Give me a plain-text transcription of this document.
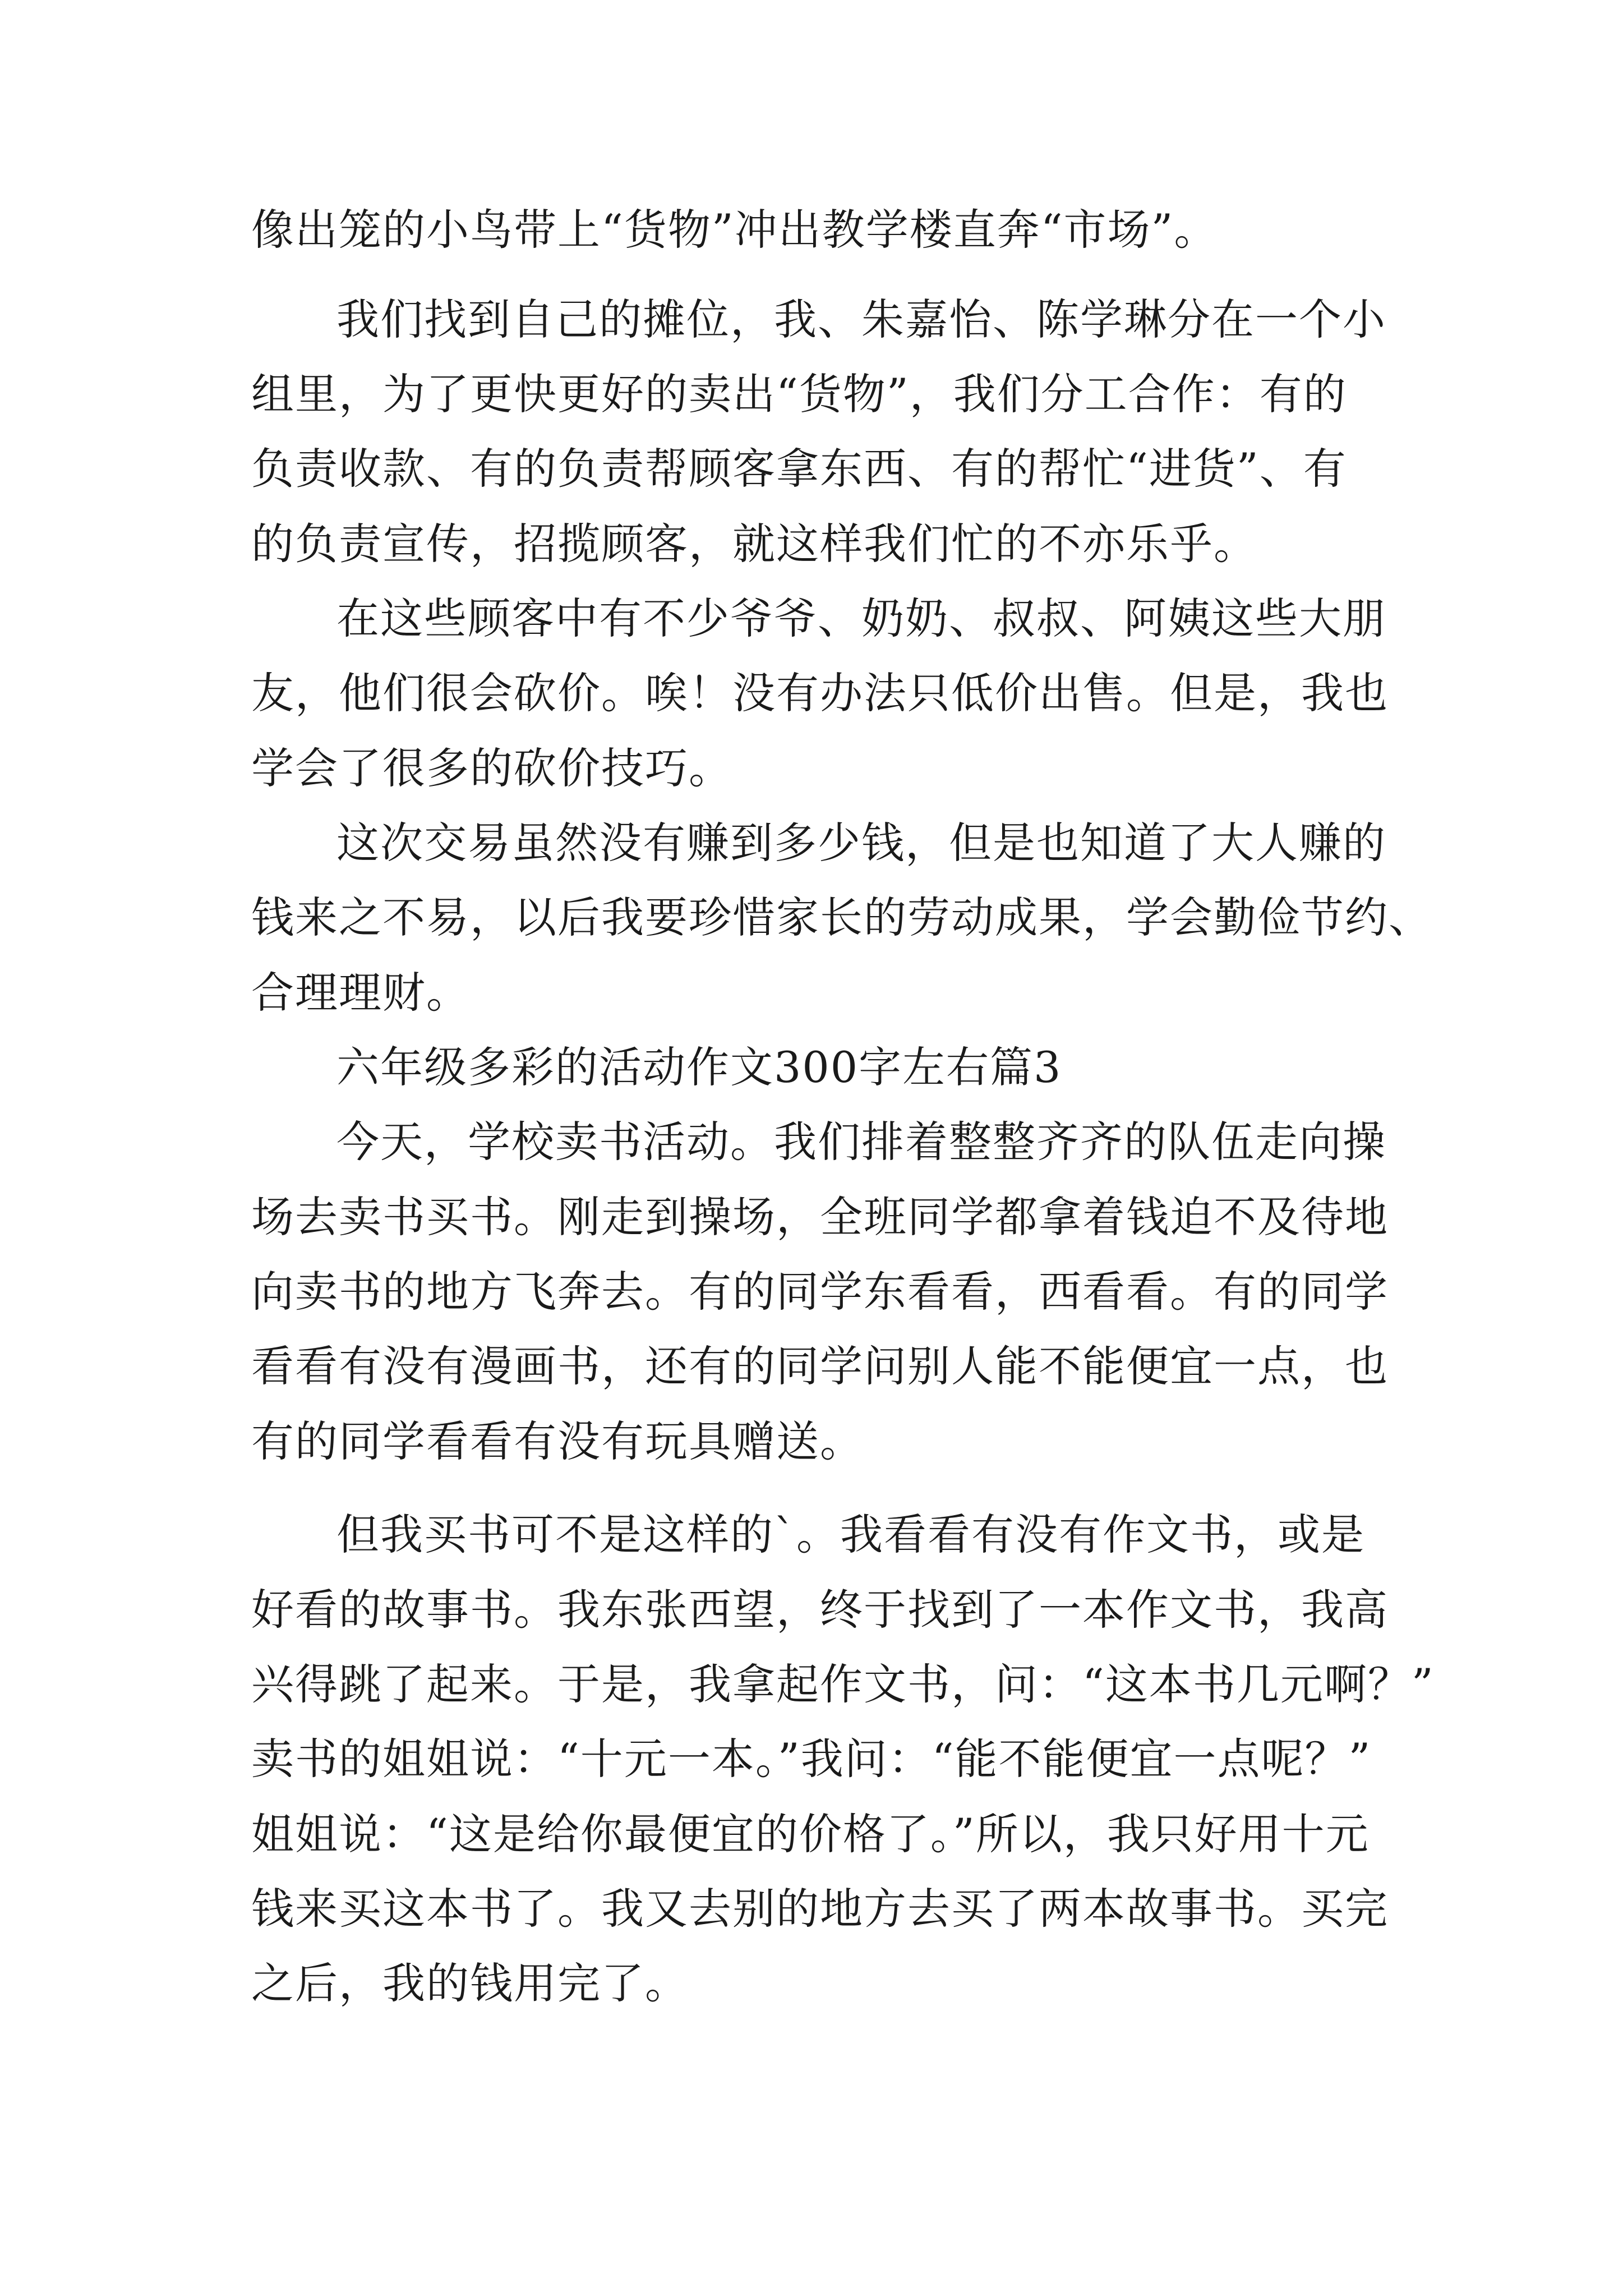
像出笼的小鸟带上“货物”冲出教学楼直奔“市场”。
我们找到自己的摊位，我、朱嘉怡、陈学琳分在一个小
组里，为了更快更好的卖出“货物”，我们分工合作：有的
负责收款、有的负责帮顾客拿东西、有的帮忙“进货”、有
的负责宣传，招揽顾客，就这样我们忙的不亦乐乎。
在这些顾客中有不少爷爷、奶奶、叔叔、阿姨这些大朋
友，他们很会砍价。唉！没有办法只低价出售。但是，我也
学会了很多的砍价技巧。
这次交易虽然没有赚到多少钱，但是也知道了大人赚的
钱来之不易，以后我要珍惜家长的劳动成果，学会勤俭节约、
合理理财。
六年级多彩的活动作文300字左右篇3
今天，学校卖书活动。我们排着整整齐齐的队伍走向操
场去卖书买书。刚走到操场，全班同学都拿着钱迫不及待地
向卖书的地方飞奔去。有的同学东看看，西看看。有的同学
看看有没有漫画书，还有的同学问别人能不能便宜一点，也
有的同学看看有没有玩具赠送。
但我买书可不是这样的`。我看看有没有作文书，或是
好看的故事书。我东张西望，终于找到了一本作文书，我高
兴得跳了起来。于是，我拿起作文书，问：“这本书几元啊？”
卖书的姐姐说：“十元一本。”我问：“能不能便宜一点呢？”
姐姐说：“这是给你最便宜的价格了。”所以，我只好用十元
钱来买这本书了。我又去别的地方去买了两本故事书。买完
之后，我的钱用完了。
